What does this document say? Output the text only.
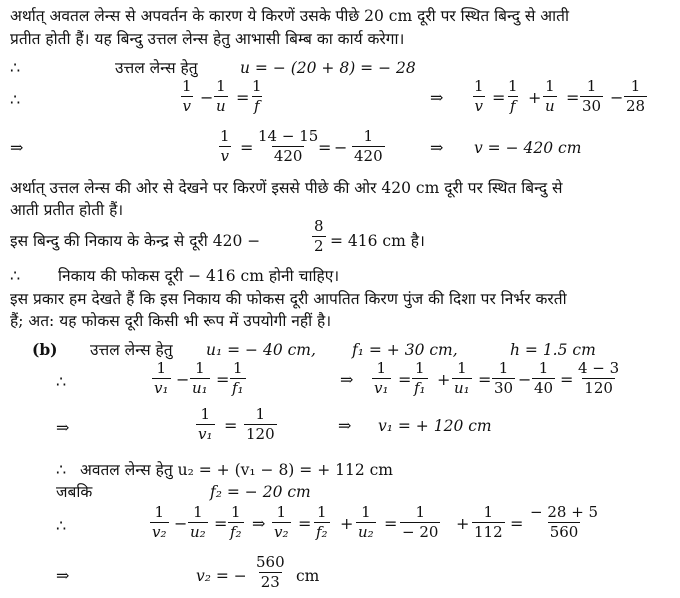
अर्थात् अवतल लेन्स से अपवर्तन के कारण ये किरणें उसके पीछे 20 cm दूरी पर स्थित बिन्दु से आती
प्रतीत होती हैं। यह बिन्दु उत्तल लेन्स हेतु आभासी बिम्ब का कार्य करेगा।
∴	उत्तल लेन्स हेतु	u = − (20 + 8) = − 28
∴	$\frac{1}{v} - \frac{1}{u} = \frac{1}{f}$	⇒ $\frac{1}{v} = \frac{1}{f} + \frac{1}{u} = \frac{1}{30} - \frac{1}{28}$
⇒	$\frac{1}{v} = \frac{14 - 15}{420}$
= − $\frac{1}{420}$	⇒ v = − 420 cm
अर्थात् उत्तल लेन्स की ओर से देखने पर किरणें इससे पीछे की ओर 420 cm दूरी पर स्थित बिन्दु से
आती प्रतीत होती हैं।
इस बिन्दु की निकाय के केन्द्र से दूरी 420 −	$\frac{8}{2} = 416$ cm है।
∴ निकाय की फोकस दूरी − 416 cm होनी चाहिए।
इस प्रकार हम देखते हैं कि इस निकाय की फोकस दूरी आपतित किरण पुंज की दिशा पर निर्भर करती
हैं; अत: यह फोकस दूरी किसी भी रूप में उपयोगी नहीं है।
(b) उत्तल लेन्स हेतु u₁ = − 40 cm, f₁ = + 30 cm,	h = 1.5 cm
∴	$\frac{1}{\text{v₁}} - \frac{1}{\text{u₁}} = \frac{1}{\text{f₁}}$	⇒ $\frac{1}{\text{v₁}} = \frac{1}{\text{f₁}} + \frac{1}{\text{u₁}} = \frac{1}{30} - \frac{1}{40} = \frac{4 - 3}{120}$
⇒	$\frac{1}{\text{v₁}} = \frac{1}{120}$	⇒ v₁ = + 120 cm
∴ अवतल लेन्स हेतु u₂ = + (v₁ − 8) = + 112 cm
जबकि	f₂ = − 20 cm
∴	$\frac{1}{\text{v₂}} - \frac{1}{\text{u₂}} = \frac{1}{\text{f₂}}$ ⇒ $\frac{1}{\text{v₂}} = \frac{1}{\text{f₂}} + \frac{1}{\text{u₂}} = \frac{1}{- 20} + \frac{1}{112} = \frac{- 28 + 5}{560}$
⇒	v₂ = − $\frac{560}{23}$ cm
